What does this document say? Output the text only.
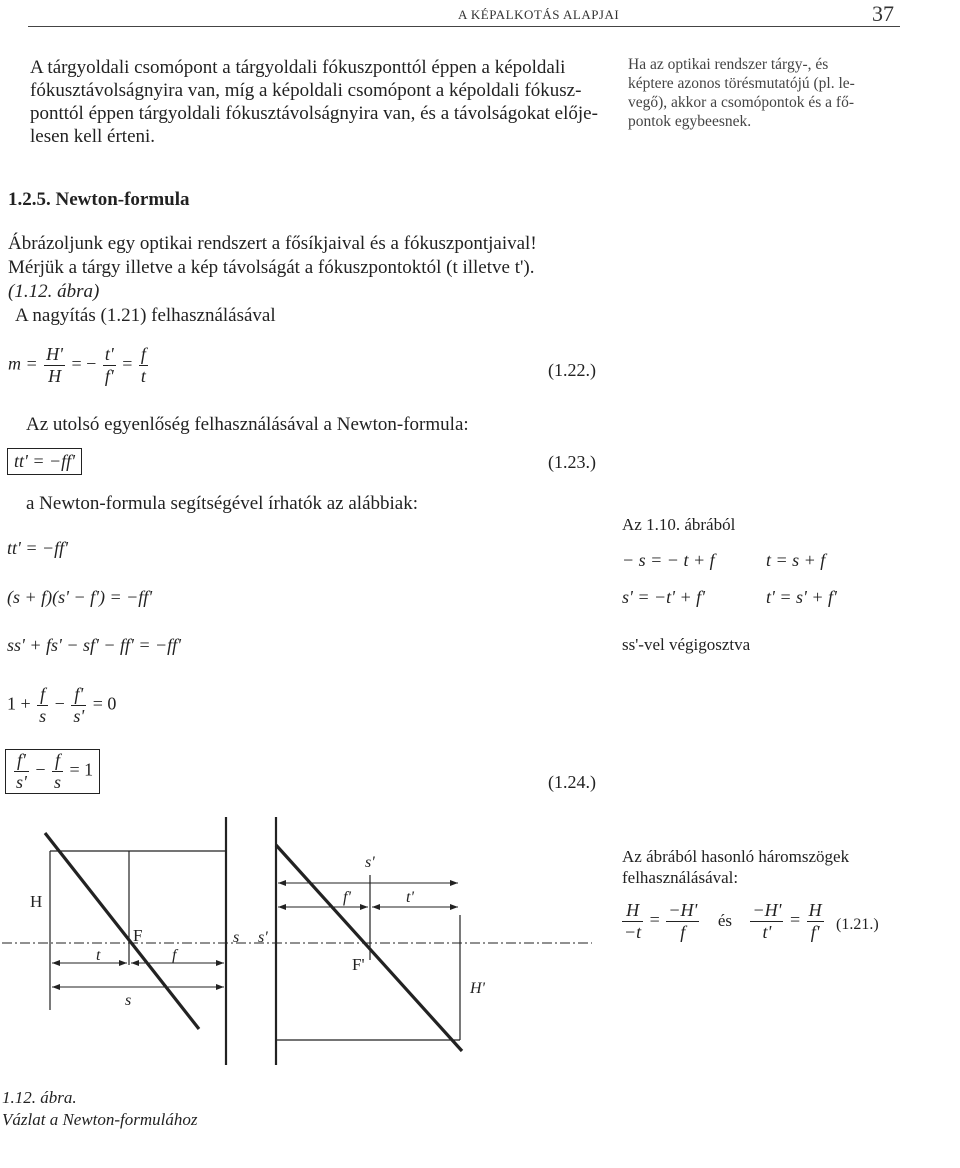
A KÉPALKOTÁS ALAPJAI	37
A tárgyoldali csomópont a tárgyoldali fókuszponttól éppen a képoldali
fókusztávolságnyira van, míg a képoldali csomópont a képoldali fókusz-
ponttól éppen tárgyoldali fókusztávolságnyira van, és a távolságokat elője-
lesen kell érteni.
Ha az optikai rendszer tárgy-, és
képtere azonos törésmutatójú (pl. le-
vegő), akkor a csomópontok és a fő-
pontok egybeesnek.
1.2.5. Newton-formula
Ábrázoljunk egy optikai rendszert a fősíkjaival és a fókuszpontjaival!
Mérjük a tárgy illetve a kép távolságát a fókuszpontoktól (t illetve t').
(1.12. ábra)
A nagyítás (1.21) felhasználásával
$m = \frac{H'}{H}$ = − $\frac{t'}{f'} = \frac{f}{t}$	(1.22.)
Az utolsó egyenlőség felhasználásával a Newton-formula:
tt' = −ff'	(1.23.)
a Newton-formula segítségével írhatók az alábbiak:
tt' = −ff'
(s + f)(s' − f') = −ff'
ss' + fs' − sf' − ff' = −ff'
$1 + \frac{f}{s} - \frac{f'}{s'} = 0$
$\frac{f'}{s'} - \frac{f}{s} = 1$
(1.24.)
Az 1.10. ábrából
− s = − t + f	t = s + f
s' = −t' + f'	t' = s' + f'
ss'-vel végigosztva
H
F
t	f
s
s s'
s'
f'	t'
F'
H'
1.12. ábra.
Vázlat a Newton-formulához
Az ábrából hasonló háromszögek
felhasználásával:
$\frac{H}{-t} = \frac{-H'}{f}$ és $\frac{-H'}{t'} = \frac{H}{f'} (1.21.)$
